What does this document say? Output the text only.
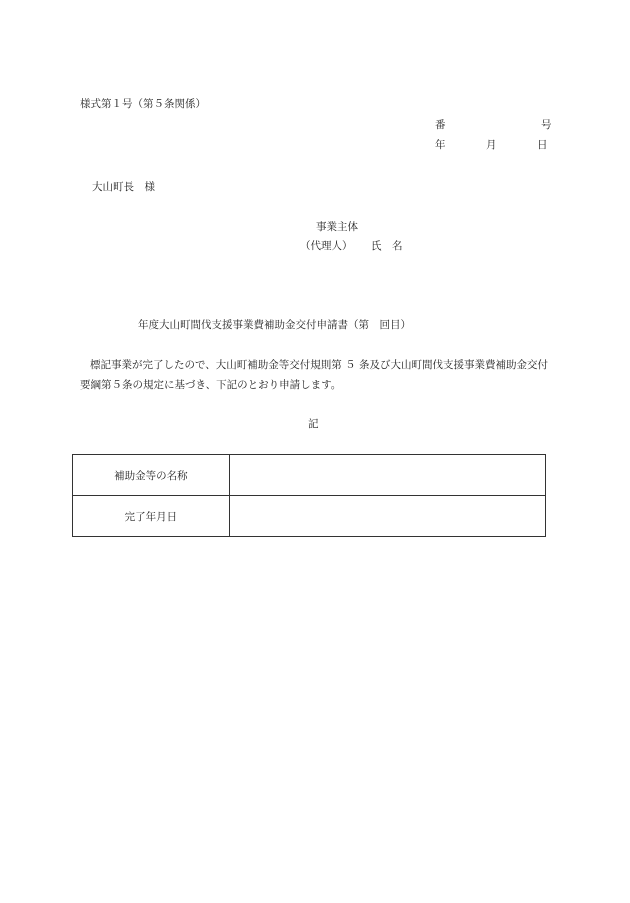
様式第１号（第５条関係）
番	号
年	月	日
大山町長　様
事業主体
（代理人） 氏　名
年度大山町間伐支援事業費補助金交付申請書（第　回目）
標記事業が完了したので、大山町補助金等交付規則第 ５ 条及び大山町間伐支援事業費補助金交付要綱第５条の規定に基づき、下記のとおり申請します。
記
補助金等の名称	
完了年月日	
